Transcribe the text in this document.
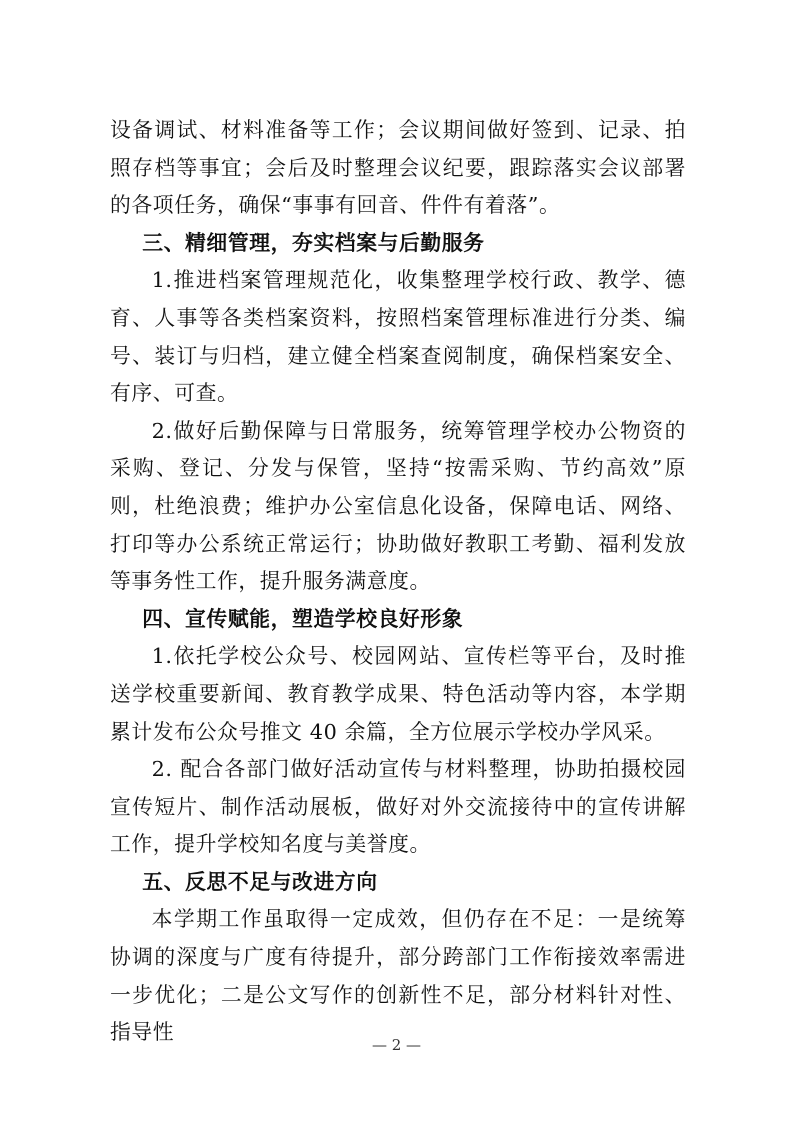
设备调试、材料准备等工作；会议期间做好签到、记录、拍照存档等事宜；会后及时整理会议纪要，跟踪落实会议部署的各项任务，确保“事事有回音、件件有着落”。

三、精细管理，夯实档案与后勤服务

1.推进档案管理规范化，收集整理学校行政、教学、德育、人事等各类档案资料，按照档案管理标准进行分类、编号、装订与归档，建立健全档案查阅制度，确保档案安全、有序、可查。

2.做好后勤保障与日常服务，统筹管理学校办公物资的采购、登记、分发与保管，坚持“按需采购、节约高效”原则，杜绝浪费；维护办公室信息化设备，保障电话、网络、打印等办公系统正常运行；协助做好教职工考勤、福利发放等事务性工作，提升服务满意度。

四、宣传赋能，塑造学校良好形象

1.依托学校公众号、校园网站、宣传栏等平台，及时推送学校重要新闻、教育教学成果、特色活动等内容，本学期累计发布公众号推文 40 余篇，全方位展示学校办学风采。

2. 配合各部门做好活动宣传与材料整理，协助拍摄校园宣传短片、制作活动展板，做好对外交流接待中的宣传讲解工作，提升学校知名度与美誉度。

五、反思不足与改进方向

本学期工作虽取得一定成效，但仍存在不足：一是统筹协调的深度与广度有待提升，部分跨部门工作衔接效率需进一步优化；二是公文写作的创新性不足，部分材料针对性、指导性

— 2 —
